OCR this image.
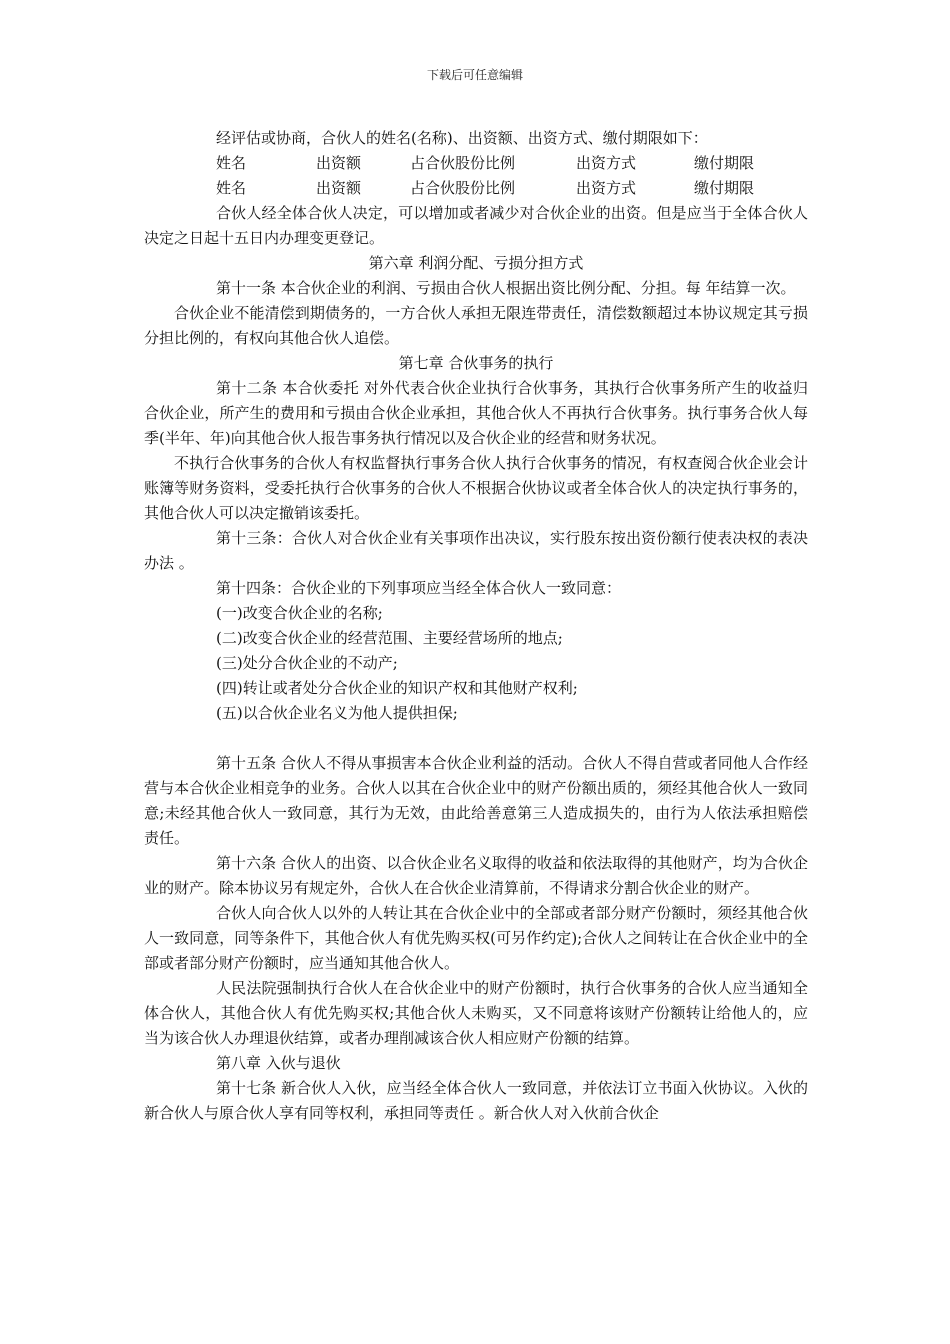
下载后可任意编辑

经评估或协商，合伙人的姓名(名称)、出资额、出资方式、缴付期限如下：

姓名	出资额	占合伙股份比例	出资方式	缴付期限
姓名	出资额	占合伙股份比例	出资方式	缴付期限

合伙人经全体合伙人决定，可以增加或者减少对合伙企业的出资。但是应当于全体合伙人决定之日起十五日内办理变更登记。

第六章 利润分配、亏损分担方式

第十一条 本合伙企业的利润、亏损由合伙人根据出资比例分配、分担。每 年结算一次。

合伙企业不能清偿到期债务的，一方合伙人承担无限连带责任，清偿数额超过本协议规定其亏损分担比例的，有权向其他合伙人追偿。

第七章 合伙事务的执行

第十二条 本合伙委托 对外代表合伙企业执行合伙事务，其执行合伙事务所产生的收益归合伙企业，所产生的费用和亏损由合伙企业承担，其他合伙人不再执行合伙事务。执行事务合伙人每季(半年、年)向其他合伙人报告事务执行情况以及合伙企业的经营和财务状况。

不执行合伙事务的合伙人有权监督执行事务合伙人执行合伙事务的情况，有权查阅合伙企业会计账簿等财务资料，受委托执行合伙事务的合伙人不根据合伙协议或者全体合伙人的决定执行事务的，其他合伙人可以决定撤销该委托。

第十三条：合伙人对合伙企业有关事项作出决议，实行股东按出资份额行使表决权的表决办法 。

第十四条：合伙企业的下列事项应当经全体合伙人一致同意：

(一)改变合伙企业的名称;

(二)改变合伙企业的经营范围、主要经营场所的地点;

(三)处分合伙企业的不动产;

(四)转让或者处分合伙企业的知识产权和其他财产权利;

(五)以合伙企业名义为他人提供担保;

第十五条 合伙人不得从事损害本合伙企业利益的活动。合伙人不得自营或者同他人合作经营与本合伙企业相竞争的业务。合伙人以其在合伙企业中的财产份额出质的，须经其他合伙人一致同意;未经其他合伙人一致同意，其行为无效，由此给善意第三人造成损失的，由行为人依法承担赔偿责任。

第十六条 合伙人的出资、以合伙企业名义取得的收益和依法取得的其他财产，均为合伙企业的财产。除本协议另有规定外，合伙人在合伙企业清算前，不得请求分割合伙企业的财产。

合伙人向合伙人以外的人转让其在合伙企业中的全部或者部分财产份额时，须经其他合伙人一致同意，同等条件下，其他合伙人有优先购买权(可另作约定);合伙人之间转让在合伙企业中的全部或者部分财产份额时，应当通知其他合伙人。

人民法院强制执行合伙人在合伙企业中的财产份额时，执行合伙事务的合伙人应当通知全体合伙人，其他合伙人有优先购买权;其他合伙人未购买，又不同意将该财产份额转让给他人的，应当为该合伙人办理退伙结算，或者办理削减该合伙人相应财产份额的结算。

第八章 入伙与退伙

第十七条 新合伙人入伙，应当经全体合伙人一致同意，并依法订立书面入伙协议。入伙的新合伙人与原合伙人享有同等权利，承担同等责任 。新合伙人对入伙前合伙企
